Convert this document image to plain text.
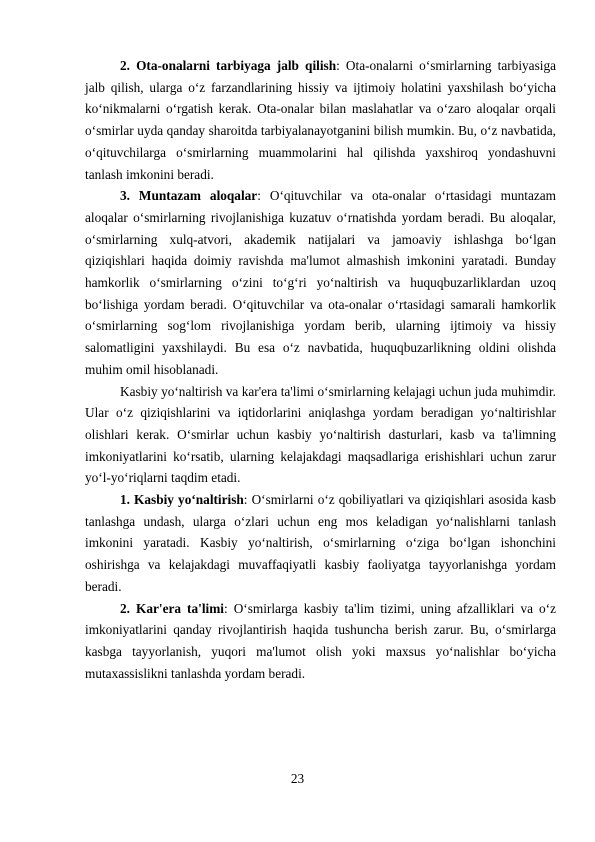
2. Ota-onalarni tarbiyaga jalb qilish: Ota-onalarni o‘smirlarning tarbiyasiga jalb qilish, ularga o‘z farzandlarining hissiy va ijtimoiy holatini yaxshilash bo‘yicha ko‘nikmalarni o‘rgatish kerak. Ota-onalar bilan maslahatlar va o‘zaro aloqalar orqali o‘smirlar uyda qanday sharoitda tarbiyalanayotganini bilish mumkin. Bu, o‘z navbatida, o‘qituvchilarga o‘smirlarning muammolarini hal qilishda yaxshiroq yondashuvni tanlash imkonini beradi.

3. Muntazam aloqalar: O‘qituvchilar va ota-onalar o‘rtasidagi muntazam aloqalar o‘smirlarning rivojlanishiga kuzatuv o‘rnatishda yordam beradi. Bu aloqalar, o‘smirlarning xulq-atvori, akademik natijalari va jamoaviy ishlashga bo‘lgan qiziqishlari haqida doimiy ravishda ma'lumot almashish imkonini yaratadi. Bunday hamkorlik o‘smirlarning o‘zini to‘g‘ri yo‘naltirish va huquqbuzarliklardan uzoq bo‘lishiga yordam beradi. O‘qituvchilar va ota-onalar o‘rtasidagi samarali hamkorlik o‘smirlarning sog‘lom rivojlanishiga yordam berib, ularning ijtimoiy va hissiy salomatligini yaxshilaydi. Bu esa o‘z navbatida, huquqbuzarlikning oldini olishda muhim omil hisoblanadi.

Kasbiy yo‘naltirish va kar'era ta'limi o‘smirlarning kelajagi uchun juda muhimdir. Ular o‘z qiziqishlarini va iqtidorlarini aniqlashga yordam beradigan yo‘naltirishlar olishlari kerak. O‘smirlar uchun kasbiy yo‘naltirish dasturlari, kasb va ta'limning imkoniyatlarini ko‘rsatib, ularning kelajakdagi maqsadlariga erishishlari uchun zarur yo‘l-yo‘riqlarni taqdim etadi.

1. Kasbiy yo‘naltirish: O‘smirlarni o‘z qobiliyatlari va qiziqishlari asosida kasb tanlashga undash, ularga o‘zlari uchun eng mos keladigan yo‘nalishlarni tanlash imkonini yaratadi. Kasbiy yo‘naltirish, o‘smirlarning o‘ziga bo‘lgan ishonchini oshirishga va kelajakdagi muvaffaqiyatli kasbiy faoliyatga tayyorlanishga yordam beradi.

2. Kar'era ta'limi: O‘smirlarga kasbiy ta'lim tizimi, uning afzalliklari va o‘z imkoniyatlarini qanday rivojlantirish haqida tushuncha berish zarur. Bu, o‘smirlarga kasbga tayyorlanish, yuqori ma'lumot olish yoki maxsus yo‘nalishlar bo‘yicha mutaxassislikni tanlashda yordam beradi.

23
